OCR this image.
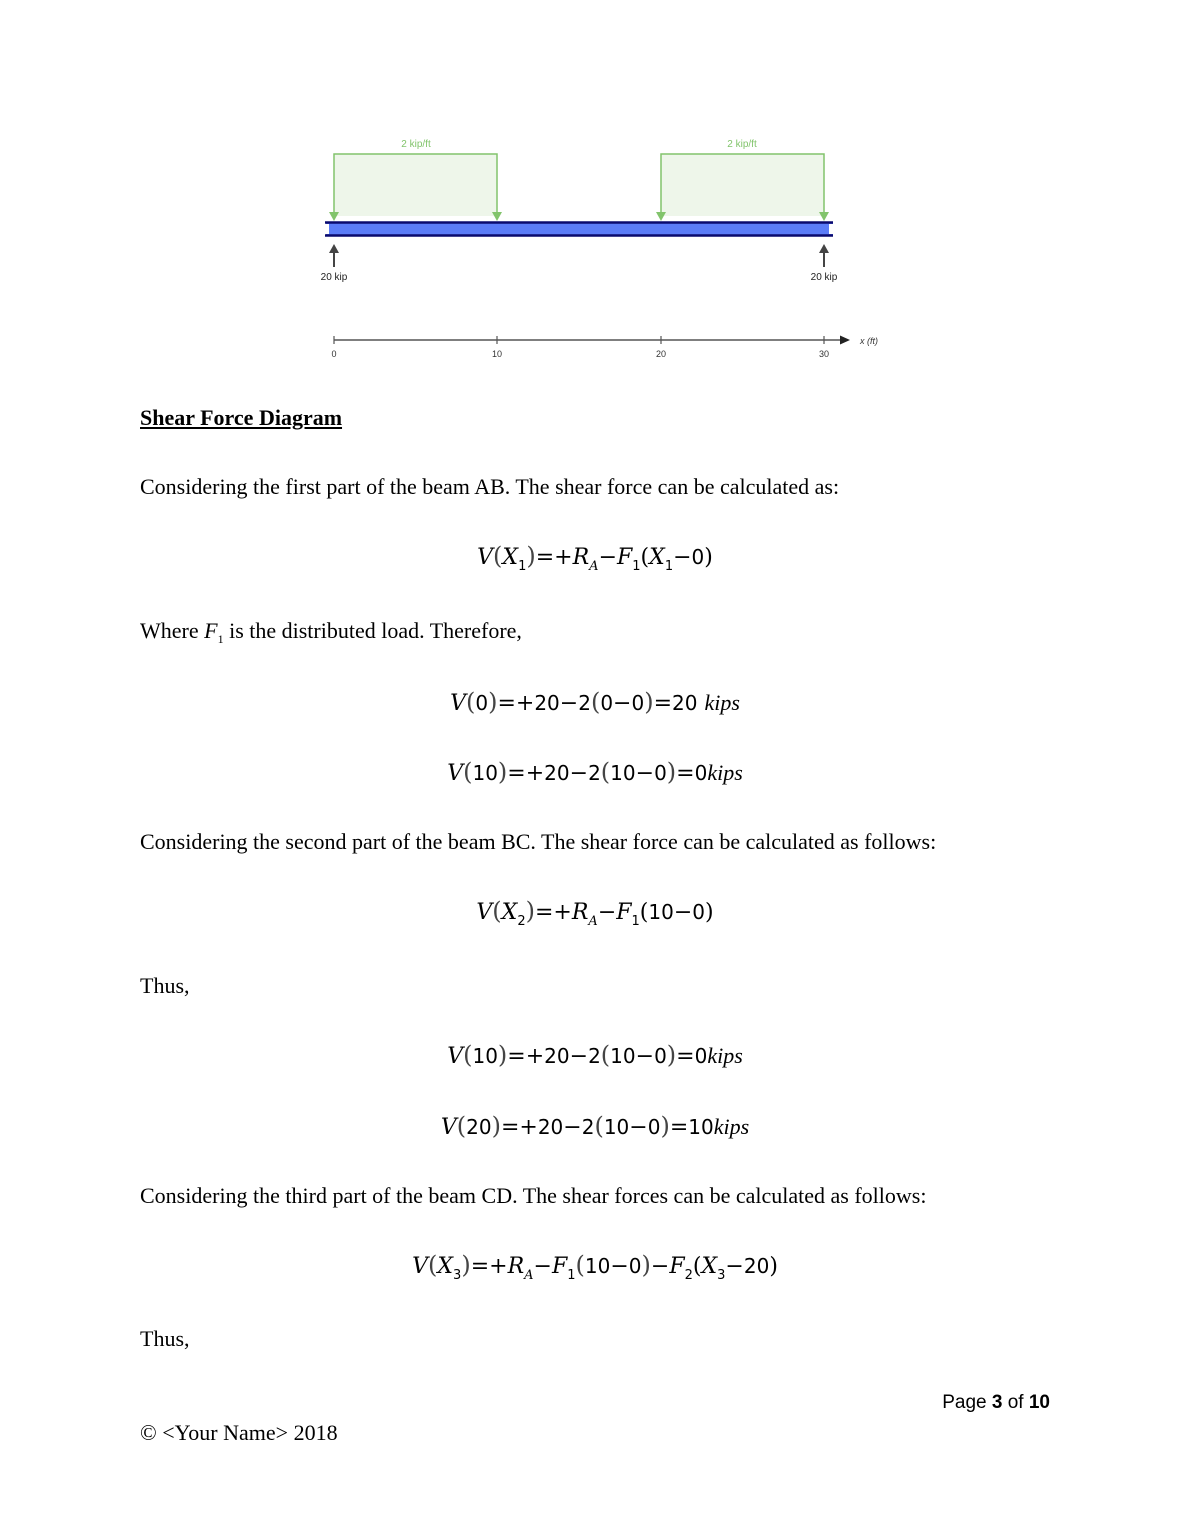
2 kip/ft	2 kip/ft
20 kip	20 kip
0	10	20	30
x (ft)
Shear Force Diagram
Considering the first part of the beam AB. The shear force can be calculated as:
$V(X_1)=+R_A-F_1(X_1-0)$
Where $F_1$ is the distributed load. Therefore,
V(0)=+20−2(0−0)=20 kips
V(10)=+20−2(10−0)=0kips
Considering the second part of the beam BC. The shear force can be calculated as follows:
$V(X_2)=+R_A-F_1(10-0)$
Thus,
V(10)=+20−2(10−0)=0kips
V(20)=+20−2(10−0)=10kips
Considering the third part of the beam CD. The shear forces can be calculated as follows:
$V(X_3)=+R_A-F_1(10-0)-F_2(X_3-20)$
Thus,
Page 3 of 10
© <Your Name> 2018
